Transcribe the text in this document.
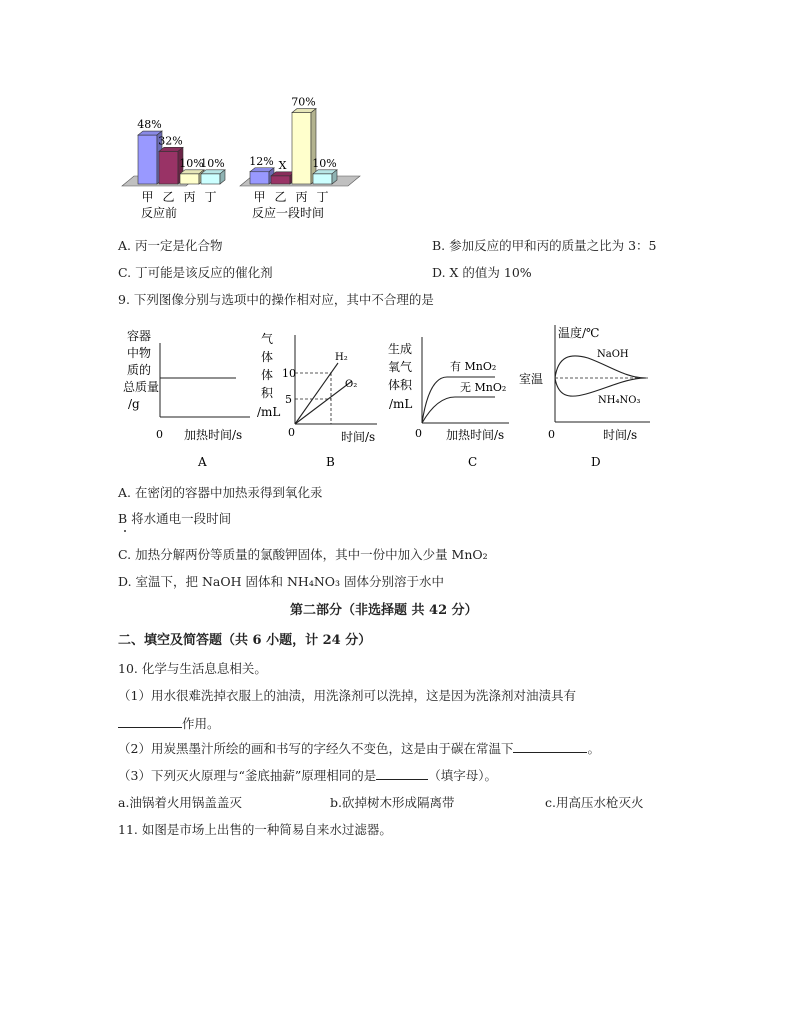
48%
32%
10%
10% 12% X
70%
10%
甲 乙 丙 丁	甲 乙 丙 丁
反应前	反应一段时间
A. 丙一定是化合物	B. 参加反应的甲和丙的质量之比为 3：5
C. 丁可能是该反应的催化剂	D. X 的值为 10%
9. 下列图像分别与选项中的操作相对应，其中不合理的是
容器
中物
质的
总质量
/g
0 加热时间/s
A
气
体
体
积
/mL
10
5
H₂
O₂
0	时间/s
B
生成
氧气
体积
/mL
有 MnO₂
无 MnO₂
0 加热时间/s
C
温度/℃
室温
NaOH
NH₄NO₃
0	时间/s
D
A. 在密闭的容器中加热汞得到氧化汞
B 将水通电一段时间
C. 加热分解两份等质量的氯酸钾固体，其中一份中加入少量 MnO₂
D. 室温下，把 NaOH 固体和 NH₄NO₃ 固体分别溶于水中
第二部分（非选择题 共 42 分）
二、填空及简答题（共 6 小题，计 24 分）
10. 化学与生活息息相关。
（1）用水很难洗掉衣服上的油渍，用洗涤剂可以洗掉，这是因为洗涤剂对油渍具有
作用。
（2）用炭黑墨汁所绘的画和书写的字经久不变色，这是由于碳在常温下	。
（3）下列灭火原理与“釜底抽薪”原理相同的是	（填字母）。
a.油锅着火用锅盖盖灭	b.砍掉树木形成隔离带	c.用高压水枪灭火
11. 如图是市场上出售的一种简易自来水过滤器。
